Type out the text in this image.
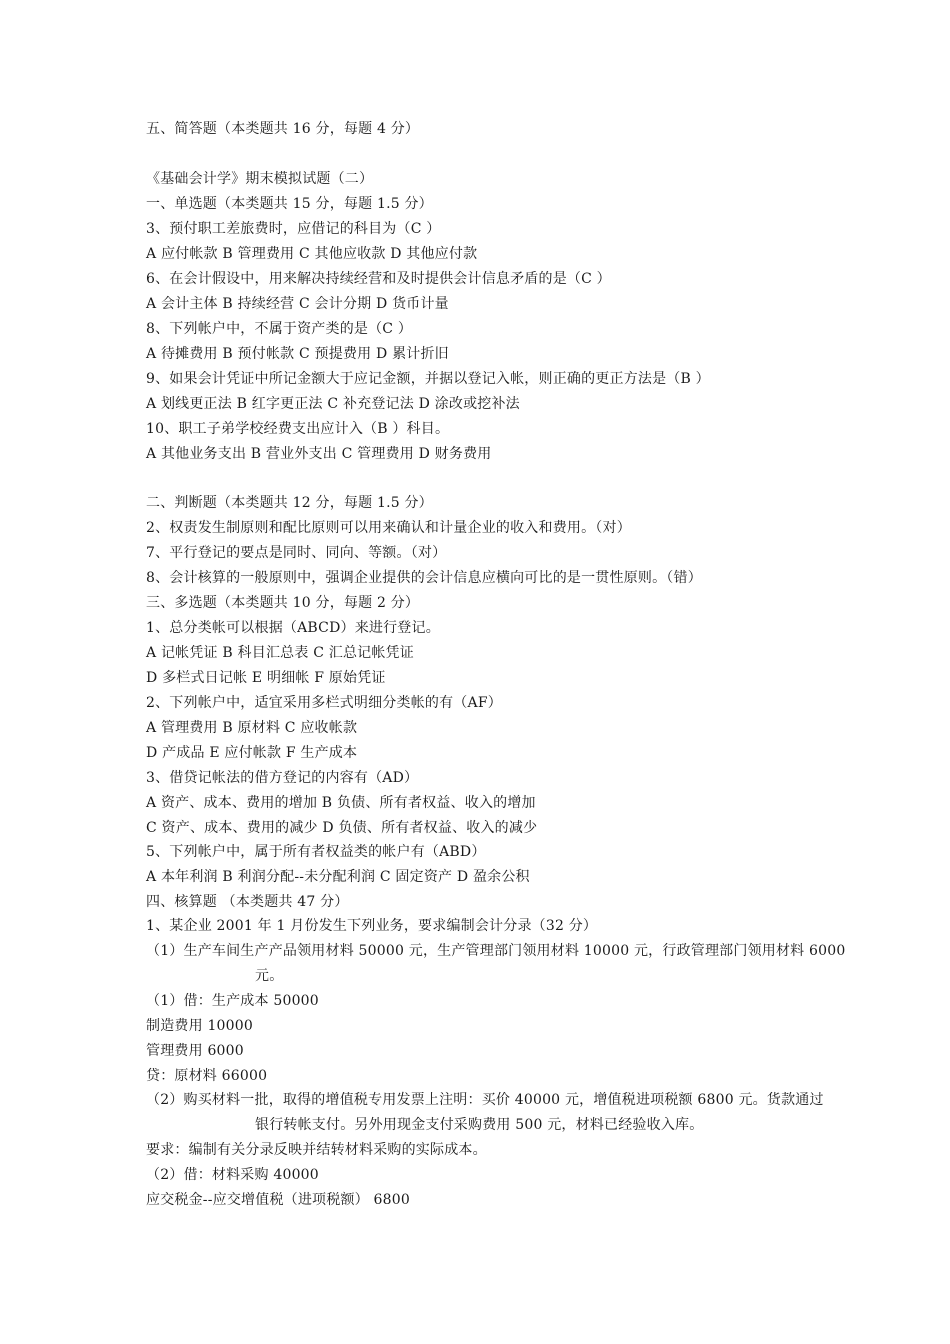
五、简答题（本类题共 16 分，每题 4 分）
《基础会计学》期末模拟试题（二）
一、单选题（本类题共 15 分，每题 1.5 分）
3、预付职工差旅费时，应借记的科目为（C ）
A 应付帐款 B 管理费用 C 其他应收款 D 其他应付款
6、在会计假设中，用来解决持续经营和及时提供会计信息矛盾的是（C ）
A 会计主体 B 持续经营 C 会计分期 D 货币计量
8、下列帐户中，不属于资产类的是（C ）
A 待摊费用 B 预付帐款 C 预提费用 D 累计折旧
9、如果会计凭证中所记金额大于应记金额，并据以登记入帐，则正确的更正方法是（B ）
A 划线更正法 B 红字更正法 C 补充登记法 D 涂改或挖补法
10、职工子弟学校经费支出应计入（B ）科目。
A 其他业务支出 B 营业外支出 C 管理费用 D 财务费用
二、判断题（本类题共 12 分，每题 1.5 分）
2、权责发生制原则和配比原则可以用来确认和计量企业的收入和费用。（对）
7、平行登记的要点是同时、同向、等额。（对）
8、会计核算的一般原则中，强调企业提供的会计信息应横向可比的是一贯性原则。（错）
三、多选题（本类题共 10 分，每题 2 分）
1、总分类帐可以根据（ABCD）来进行登记。
A 记帐凭证 B 科目汇总表 C 汇总记帐凭证
D 多栏式日记帐 E 明细帐 F 原始凭证
2、下列帐户中，适宜采用多栏式明细分类帐的有（AF）
A 管理费用 B 原材料 C 应收帐款
D 产成品 E 应付帐款 F 生产成本
3、借贷记帐法的借方登记的内容有（AD）
A 资产、成本、费用的增加 B 负债、所有者权益、收入的增加
C 资产、成本、费用的减少 D 负债、所有者权益、收入的减少
5、下列帐户中，属于所有者权益类的帐户有（ABD）
A 本年利润 B 利润分配--未分配利润 C 固定资产 D 盈余公积
四、核算题 （本类题共 47 分）
1、某企业 2001 年 1 月份发生下列业务，要求编制会计分录（32 分）
（1）生产车间生产产品领用材料 50000 元，生产管理部门领用材料 10000 元，行政管理部门领用材料 6000
元。
（1）借：生产成本 50000
制造费用 10000
管理费用 6000
贷：原材料 66000
（2）购买材料一批，取得的增值税专用发票上注明：买价 40000 元，增值税进项税额 6800 元。货款通过
银行转帐支付。另外用现金支付采购费用 500 元，材料已经验收入库。
要求：编制有关分录反映并结转材料采购的实际成本。
（2）借：材料采购 40000
应交税金--应交增值税（进项税额） 6800
